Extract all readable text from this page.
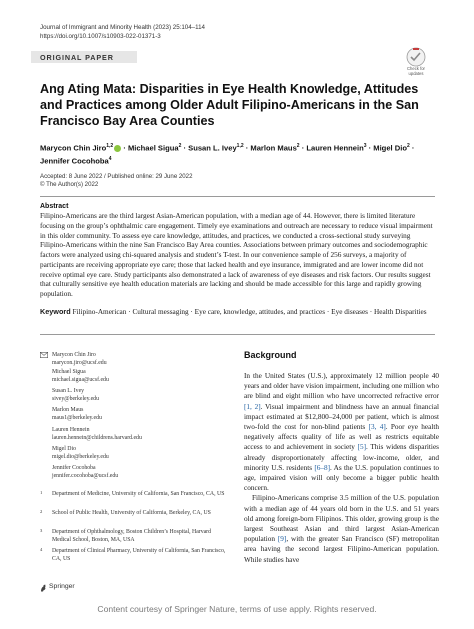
Journal of Immigrant and Minority Health (2023) 25:104–114
https://doi.org/10.1007/s10903-022-01371-3
ORIGINAL PAPER
Check for
updates
Ang Ating Mata: Disparities in Eye Health Knowledge, Attitudes and Practices among Older Adult Filipino-Americans in the San Francisco Bay Area Counties
Marycon Chin Jiro$^{1,2}$ · Michael Sigua$^2$ · Susan L. Ivey$^{1,2}$ · Marlon Maus$^2$ · Lauren Hennein$^3$ · Migel Dio$^2$ · Jennifer Cocohoba$^4$
Accepted: 8 June 2022 / Published online: 29 June 2022
© The Author(s) 2022
Abstract
Filipino-Americans are the third largest Asian-American population, with a median age of 44. However, there is limited literature focusing on the group’s ophthalmic care engagement. Timely eye examinations and outreach are necessary to reduce visual impairment in this older community. To assess eye care knowledge, attitudes, and practices, we conducted a cross-sectional study surveying Filipino-Americans within the nine San Francisco Bay Area counties. Associations between primary outcomes and sociodemographic factors were analyzed using chi-squared analysis and student’s T-test. In our convenience sample of 256 surveys, a majority of participants are receiving appropriate eye care; those that lacked health and eye insurance, immigrated and are lower income did not receive optimal eye care. Study participants also demonstrated a lack of awareness of eye diseases and risk factors. Our results suggest that culturally sensitive eye health education materials are lacking and should be made accessible for this large and rapidly growing population.
Keyword Filipino-American · Cultural messaging · Eye care, knowledge, attitudes, and practices · Eye diseases · Health Disparities
Marycon Chin Jiro
marycon.jiro@ucsf.edu
Michael Sigua
michael.sigua@ucsf.edu
Susan L. Ivey
sivey@berkeley.edu
Marlon Maus
maus1@berkeley.edu
Lauren Hennein
lauren.hennein@childrens.harvard.edu
Migel Dio
migel.dio@berkeley.edu
Jennifer Cocohoba
jennifer.cocohoba@ucsf.edu
1 Department of Medicine, University of California, San Francisco, CA, US
2 School of Public Health, University of California, Berkeley, CA, US
3 Department of Ophthalmology, Boston Children’s Hospital, Harvard Medical School, Boston, MA, USA
4 Department of Clinical Pharmacy, University of California, San Francisco, CA, US
Springer
Background

In the United States (U.S.), approximately 12 million people 40 years and older have vision impairment, including one million who are blind and eight million who have uncorrected refractive error [1, 2]. Visual impairment and blindness have an annual financial impact estimated at $12,800–24,000 per patient, which is almost two-fold the cost for non-blind patients [3, 4]. Poor eye health negatively affects quality of life as well as restricts equitable access to and achievement in society [5]. This widens disparities already disproportionately affecting low-income, older, and minority U.S. residents [6–8]. As the U.S. population continues to age, impaired vision will only become a bigger public health concern.

Filipino-Americans comprise 3.5 million of the U.S. population with a median age of 44 years old born in the U.S. and 51 years old among foreign-born Filipinos. This older, growing group is the largest Southeast Asian and third largest Asian-American population [9], with the greater San Francisco (SF) metropolitan area having the second largest Filipino-American population. While studies have

Content courtesy of Springer Nature, terms of use apply. Rights reserved.
